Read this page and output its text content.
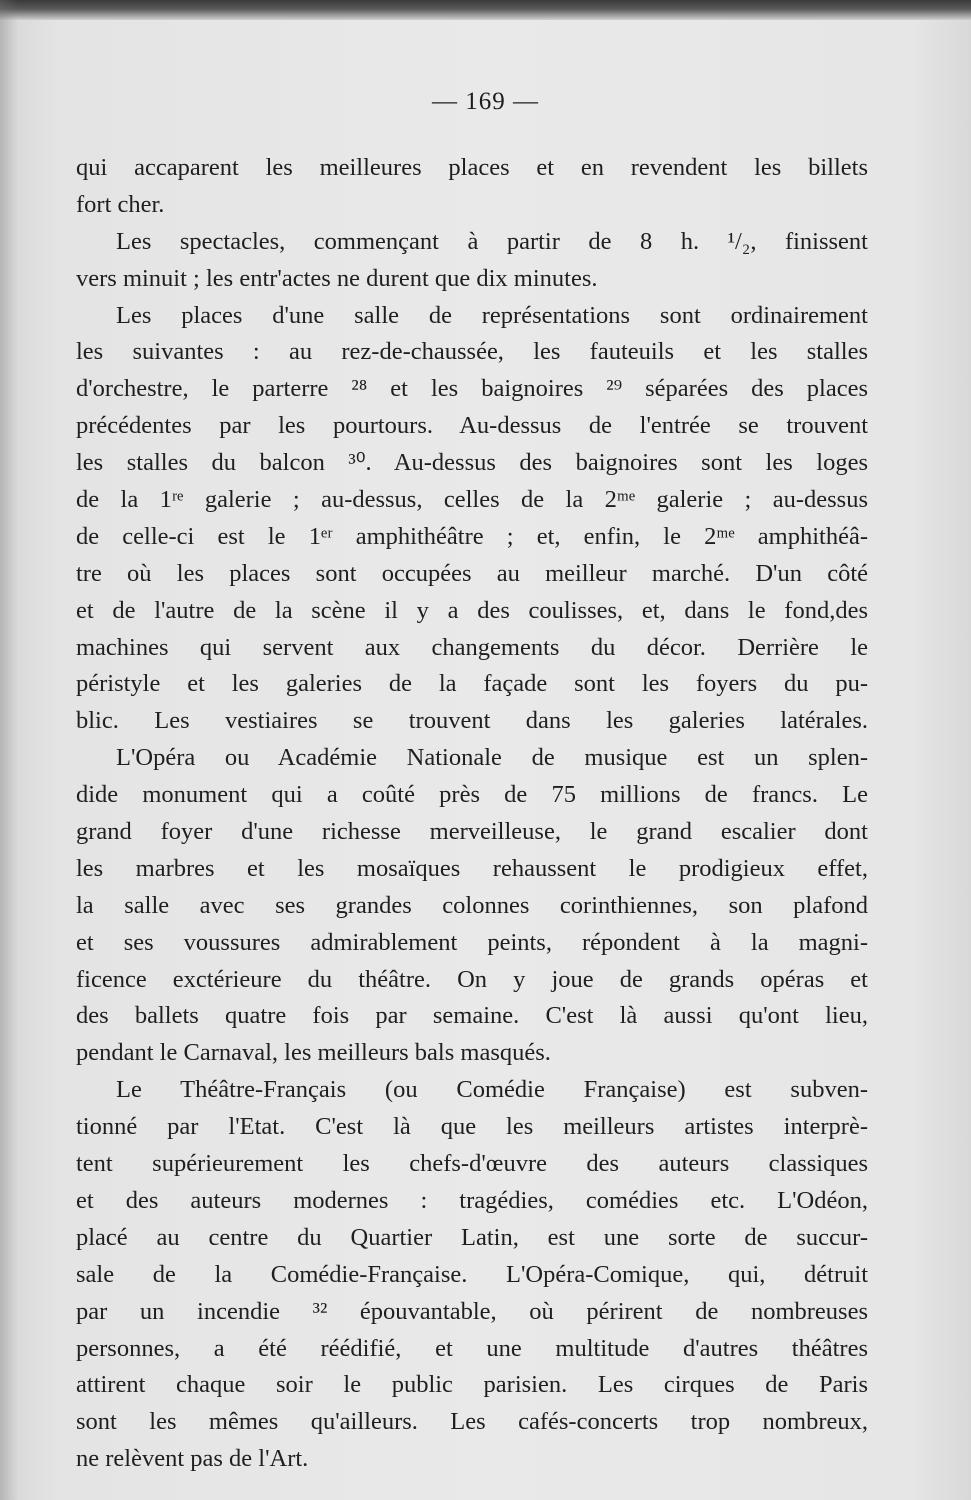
— 169 —
qui accaparent les meilleures places et en revendent les billets
fort cher.
Les spectacles, commençant à partir de 8 h. ¹/₂, finissent
vers minuit ; les entr'actes ne durent que dix minutes.
Les places d'une salle de représentations sont ordinairement
les suivantes : au rez-de-chaussée, les fauteuils et les stalles
d'orchestre, le parterre ²⁸ et les baignoires ²⁹ séparées des places
précédentes par les pourtours. Au-dessus de l'entrée se trouvent
les stalles du balcon ³⁰. Au-dessus des baignoires sont les loges
de la 1ʳᵉ galerie ; au-dessus, celles de la 2ᵐᵉ galerie ; au-dessus
de celle-ci est le 1ᵉʳ amphithéâtre ; et, enfin, le 2ᵐᵉ amphithéâ-
tre où les places sont occupées au meilleur marché. D'un côté
et de l'autre de la scène il y a des coulisses, et, dans le fond,des
machines qui servent aux changements du décor. Derrière le
péristyle et les galeries de la façade sont les foyers du pu-
blic. Les vestiaires se trouvent dans les galeries latérales.
L'Opéra ou Académie Nationale de musique est un splen-
dide monument qui a coûté près de 75 millions de francs. Le
grand foyer d'une richesse merveilleuse, le grand escalier dont
les marbres et les mosaïques rehaussent le prodigieux effet,
la salle avec ses grandes colonnes corinthiennes, son plafond
et ses voussures admirablement peints, répondent à la magni-
ficence exctérieure du théâtre. On y joue de grands opéras et
des ballets quatre fois par semaine. C'est là aussi qu'ont lieu,
pendant le Carnaval, les meilleurs bals masqués.
Le Théâtre-Français (ou Comédie Française) est subven-
tionné par l'Etat. C'est là que les meilleurs artistes interprè-
tent supérieurement les chefs-d'œuvre des auteurs classiques
et des auteurs modernes : tragédies, comédies etc. L'Odéon,
placé au centre du Quartier Latin, est une sorte de succur-
sale de la Comédie-Française. L'Opéra-Comique, qui, détruit
par un incendie ³² épouvantable, où périrent de nombreuses
personnes, a été réédifié, et une multitude d'autres théâtres
attirent chaque soir le public parisien. Les cirques de Paris
sont les mêmes qu'ailleurs. Les cafés-concerts trop nombreux,
ne relèvent pas de l'Art.
